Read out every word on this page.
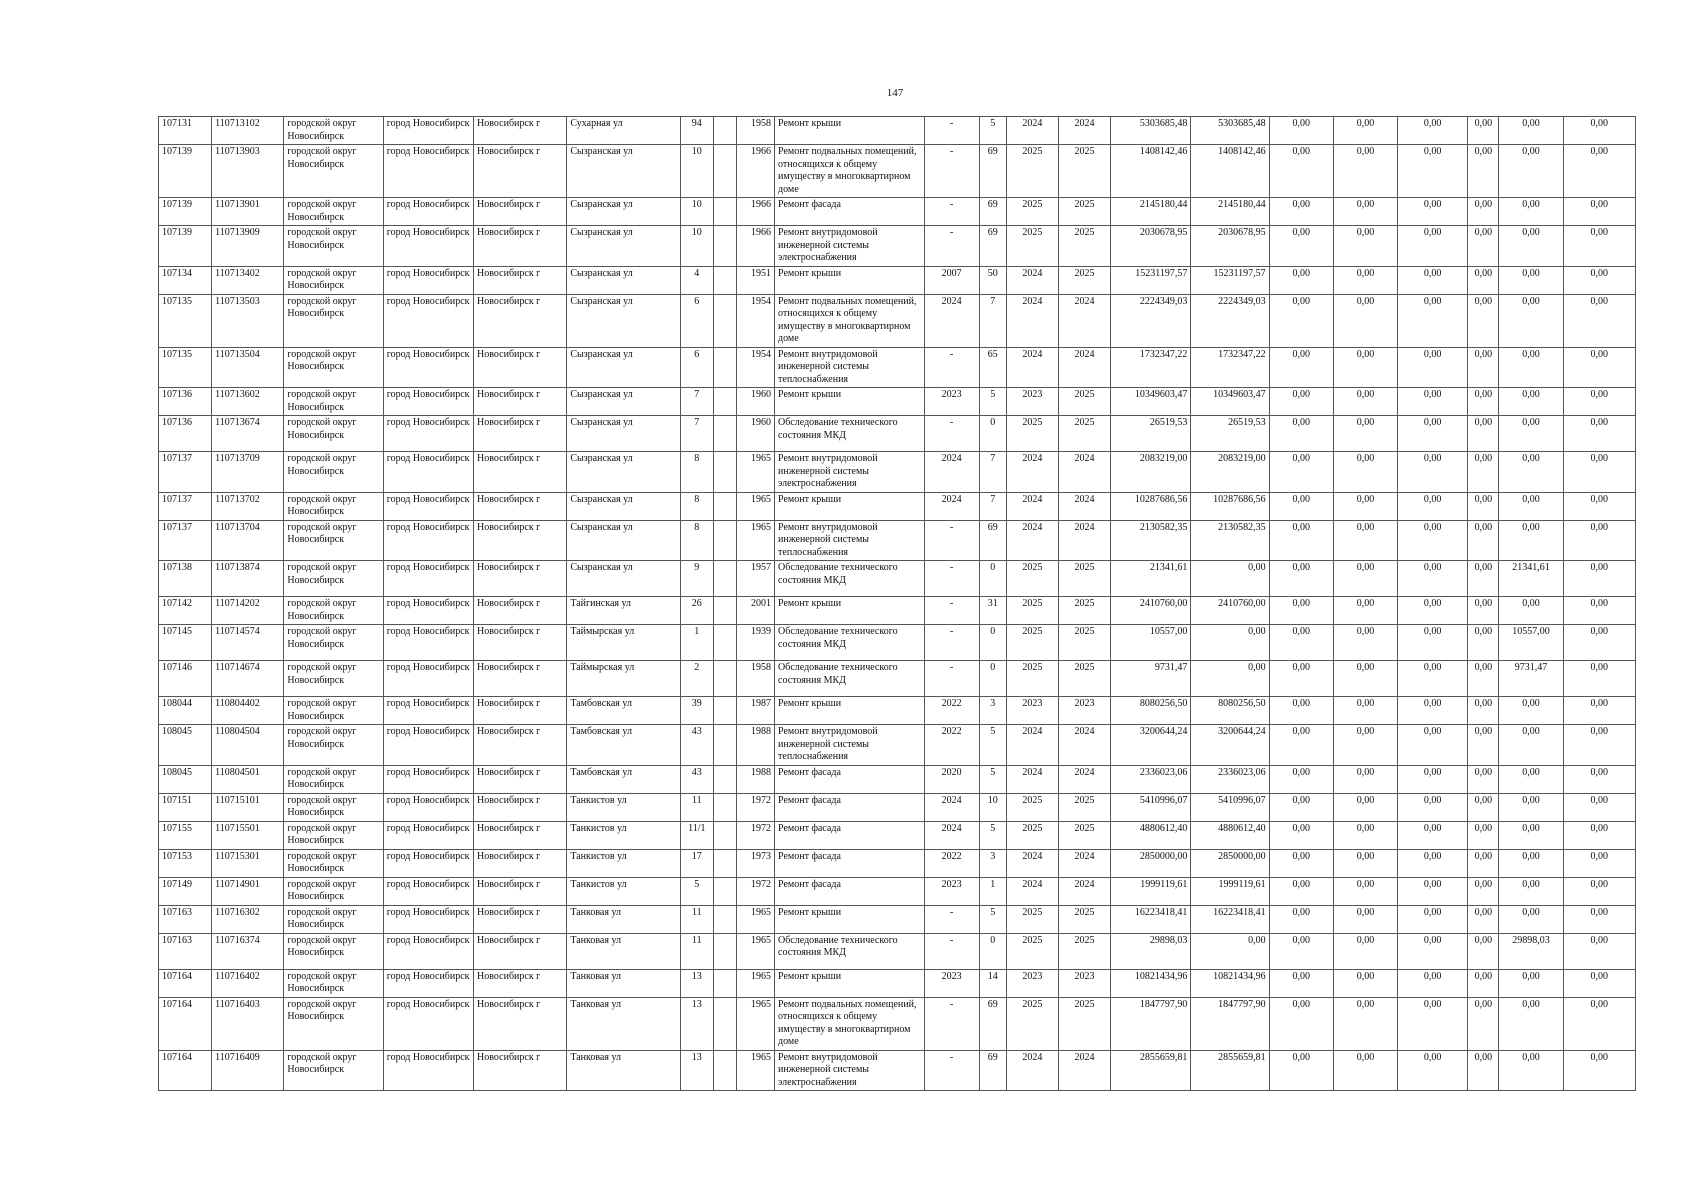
147
107131	110713102	городской округ Новосибирск	город Новосибирск	Новосибирск г	Сухарная ул	94		1958	Ремонт крыши	-	5	2024	2024	5303685,48	5303685,48	0,00	0,00	0,00	0,00	0,00	0,00
107139	110713903	городской округ Новосибирск	город Новосибирск	Новосибирск г	Сызранская ул	10		1966	Ремонт подвальных помещений, относящихся к общему имуществу в многоквартирном доме	-	69	2025	2025	1408142,46	1408142,46	0,00	0,00	0,00	0,00	0,00	0,00
107139	110713901	городской округ Новосибирск	город Новосибирск	Новосибирск г	Сызранская ул	10		1966	Ремонт фасада	-	69	2025	2025	2145180,44	2145180,44	0,00	0,00	0,00	0,00	0,00	0,00
107139	110713909	городской округ Новосибирск	город Новосибирск	Новосибирск г	Сызранская ул	10		1966	Ремонт внутридомовой инженерной системы электроснабжения	-	69	2025	2025	2030678,95	2030678,95	0,00	0,00	0,00	0,00	0,00	0,00
107134	110713402	городской округ Новосибирск	город Новосибирск	Новосибирск г	Сызранская ул	4		1951	Ремонт крыши	2007	50	2024	2025	15231197,57	15231197,57	0,00	0,00	0,00	0,00	0,00	0,00
107135	110713503	городской округ Новосибирск	город Новосибирск	Новосибирск г	Сызранская ул	6		1954	Ремонт подвальных помещений, относящихся к общему имуществу в многоквартирном доме	2024	7	2024	2024	2224349,03	2224349,03	0,00	0,00	0,00	0,00	0,00	0,00
107135	110713504	городской округ Новосибирск	город Новосибирск	Новосибирск г	Сызранская ул	6		1954	Ремонт внутридомовой инженерной системы теплоснабжения	-	65	2024	2024	1732347,22	1732347,22	0,00	0,00	0,00	0,00	0,00	0,00
107136	110713602	городской округ Новосибирск	город Новосибирск	Новосибирск г	Сызранская ул	7		1960	Ремонт крыши	2023	5	2023	2025	10349603,47	10349603,47	0,00	0,00	0,00	0,00	0,00	0,00
107136	110713674	городской округ Новосибирск	город Новосибирск	Новосибирск г	Сызранская ул	7		1960	Обследование технического состояния МКД	-	0	2025	2025	26519,53	26519,53	0,00	0,00	0,00	0,00	0,00	0,00
107137	110713709	городской округ Новосибирск	город Новосибирск	Новосибирск г	Сызранская ул	8		1965	Ремонт внутридомовой инженерной системы электроснабжения	2024	7	2024	2024	2083219,00	2083219,00	0,00	0,00	0,00	0,00	0,00	0,00
107137	110713702	городской округ Новосибирск	город Новосибирск	Новосибирск г	Сызранская ул	8		1965	Ремонт крыши	2024	7	2024	2024	10287686,56	10287686,56	0,00	0,00	0,00	0,00	0,00	0,00
107137	110713704	городской округ Новосибирск	город Новосибирск	Новосибирск г	Сызранская ул	8		1965	Ремонт внутридомовой инженерной системы теплоснабжения	-	69	2024	2024	2130582,35	2130582,35	0,00	0,00	0,00	0,00	0,00	0,00
107138	110713874	городской округ Новосибирск	город Новосибирск	Новосибирск г	Сызранская ул	9		1957	Обследование технического состояния МКД	-	0	2025	2025	21341,61	0,00	0,00	0,00	0,00	0,00	21341,61	0,00
107142	110714202	городской округ Новосибирск	город Новосибирск	Новосибирск г	Тайгинская ул	26		2001	Ремонт крыши	-	31	2025	2025	2410760,00	2410760,00	0,00	0,00	0,00	0,00	0,00	0,00
107145	110714574	городской округ Новосибирск	город Новосибирск	Новосибирск г	Таймырская ул	1		1939	Обследование технического состояния МКД	-	0	2025	2025	10557,00	0,00	0,00	0,00	0,00	0,00	10557,00	0,00
107146	110714674	городской округ Новосибирск	город Новосибирск	Новосибирск г	Таймырская ул	2		1958	Обследование технического состояния МКД	-	0	2025	2025	9731,47	0,00	0,00	0,00	0,00	0,00	9731,47	0,00
108044	110804402	городской округ Новосибирск	город Новосибирск	Новосибирск г	Тамбовская ул	39		1987	Ремонт крыши	2022	3	2023	2023	8080256,50	8080256,50	0,00	0,00	0,00	0,00	0,00	0,00
108045	110804504	городской округ Новосибирск	город Новосибирск	Новосибирск г	Тамбовская ул	43		1988	Ремонт внутридомовой инженерной системы теплоснабжения	2022	5	2024	2024	3200644,24	3200644,24	0,00	0,00	0,00	0,00	0,00	0,00
108045	110804501	городской округ Новосибирск	город Новосибирск	Новосибирск г	Тамбовская ул	43		1988	Ремонт фасада	2020	5	2024	2024	2336023,06	2336023,06	0,00	0,00	0,00	0,00	0,00	0,00
107151	110715101	городской округ Новосибирск	город Новосибирск	Новосибирск г	Танкистов ул	11		1972	Ремонт фасада	2024	10	2025	2025	5410996,07	5410996,07	0,00	0,00	0,00	0,00	0,00	0,00
107155	110715501	городской округ Новосибирск	город Новосибирск	Новосибирск г	Танкистов ул	11/1		1972	Ремонт фасада	2024	5	2025	2025	4880612,40	4880612,40	0,00	0,00	0,00	0,00	0,00	0,00
107153	110715301	городской округ Новосибирск	город Новосибирск	Новосибирск г	Танкистов ул	17		1973	Ремонт фасада	2022	3	2024	2024	2850000,00	2850000,00	0,00	0,00	0,00	0,00	0,00	0,00
107149	110714901	городской округ Новосибирск	город Новосибирск	Новосибирск г	Танкистов ул	5		1972	Ремонт фасада	2023	1	2024	2024	1999119,61	1999119,61	0,00	0,00	0,00	0,00	0,00	0,00
107163	110716302	городской округ Новосибирск	город Новосибирск	Новосибирск г	Танковая ул	11		1965	Ремонт крыши	-	5	2025	2025	16223418,41	16223418,41	0,00	0,00	0,00	0,00	0,00	0,00
107163	110716374	городской округ Новосибирск	город Новосибирск	Новосибирск г	Танковая ул	11		1965	Обследование технического состояния МКД	-	0	2025	2025	29898,03	0,00	0,00	0,00	0,00	0,00	29898,03	0,00
107164	110716402	городской округ Новосибирск	город Новосибирск	Новосибирск г	Танковая ул	13		1965	Ремонт крыши	2023	14	2023	2023	10821434,96	10821434,96	0,00	0,00	0,00	0,00	0,00	0,00
107164	110716403	городской округ Новосибирск	город Новосибирск	Новосибирск г	Танковая ул	13		1965	Ремонт подвальных помещений, относящихся к общему имуществу в многоквартирном доме	-	69	2025	2025	1847797,90	1847797,90	0,00	0,00	0,00	0,00	0,00	0,00
107164	110716409	городской округ Новосибирск	город Новосибирск	Новосибирск г	Танковая ул	13		1965	Ремонт внутридомовой инженерной системы электроснабжения	-	69	2024	2024	2855659,81	2855659,81	0,00	0,00	0,00	0,00	0,00	0,00
